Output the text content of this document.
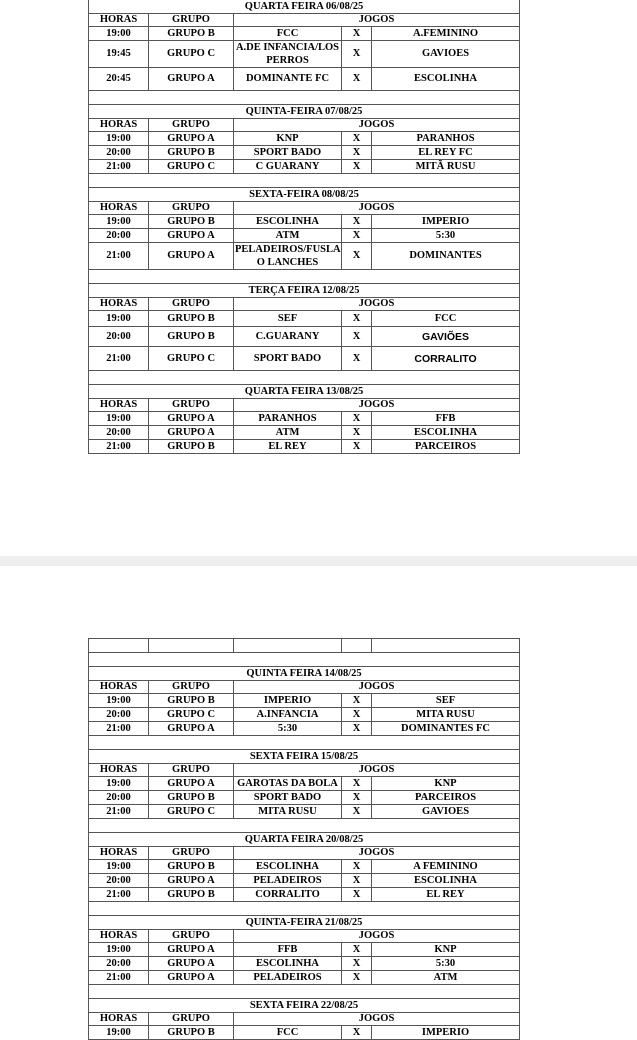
QUARTA FEIRA 06/08/25				
HORAS	GRUPO	JOGOS		
19:00	GRUPO B	FCC	X	A.FEMININO
19:45	GRUPO C	A.DE INFANCIA/LOS PERROS	X	GAVIOES
20:45	GRUPO A	DOMINANTE FC	X	ESCOLINHA

QUINTA-FEIRA 07/08/25				
HORAS	GRUPO	JOGOS		
19:00	GRUPO A	KNP	X	PARANHOS
20:00	GRUPO B	SPORT BADO	X	EL REY FC
21:00	GRUPO C	C GUARANY	X	MITÃ RUSU

SEXTA-FEIRA 08/08/25				
HORAS	GRUPO	JOGOS		
19:00	GRUPO B	ESCOLINHA	X	IMPERIO
20:00	GRUPO A	ATM	X	5:30
21:00	GRUPO A	PELADEIROS/FUSLA O LANCHES	X	DOMINANTES

TERÇA FEIRA 12/08/25				
HORAS	GRUPO	JOGOS		
19:00	GRUPO B	SEF	X	FCC
20:00	GRUPO B	C.GUARANY	X	GAVIÕES
21:00	GRUPO C	SPORT BADO	X	CORRALITO

QUARTA FEIRA 13/08/25				
HORAS	GRUPO	JOGOS		
19:00	GRUPO A	PARANHOS	X	FFB
20:00	GRUPO A	ATM	X	ESCOLINHA
21:00	GRUPO B	EL REY	X	PARCEIROS

QUINTA FEIRA 14/08/25				
HORAS	GRUPO	JOGOS		
19:00	GRUPO B	IMPERIO	X	SEF
20:00	GRUPO C	A.INFANCIA	X	MITA RUSU
21:00	GRUPO A	5:30	X	DOMINANTES FC

SEXTA FEIRA 15/08/25				
HORAS	GRUPO	JOGOS		
19:00	GRUPO A	GAROTAS DA BOLA	X	KNP
20:00	GRUPO B	SPORT BADO	X	PARCEIROS
21:00	GRUPO C	MITA RUSU	X	GAVIOES

QUARTA FEIRA 20/08/25				
HORAS	GRUPO	JOGOS		
19:00	GRUPO B	ESCOLINHA	X	A FEMININO
20:00	GRUPO A	PELADEIROS	X	ESCOLINHA
21:00	GRUPO B	CORRALITO	X	EL REY

QUINTA-FEIRA 21/08/25				
HORAS	GRUPO	JOGOS		
19:00	GRUPO A	FFB	X	KNP
20:00	GRUPO A	ESCOLINHA	X	5:30
21:00	GRUPO A	PELADEIROS	X	ATM

SEXTA FEIRA 22/08/25				
HORAS	GRUPO	JOGOS		
19:00	GRUPO B	FCC	X	IMPERIO
